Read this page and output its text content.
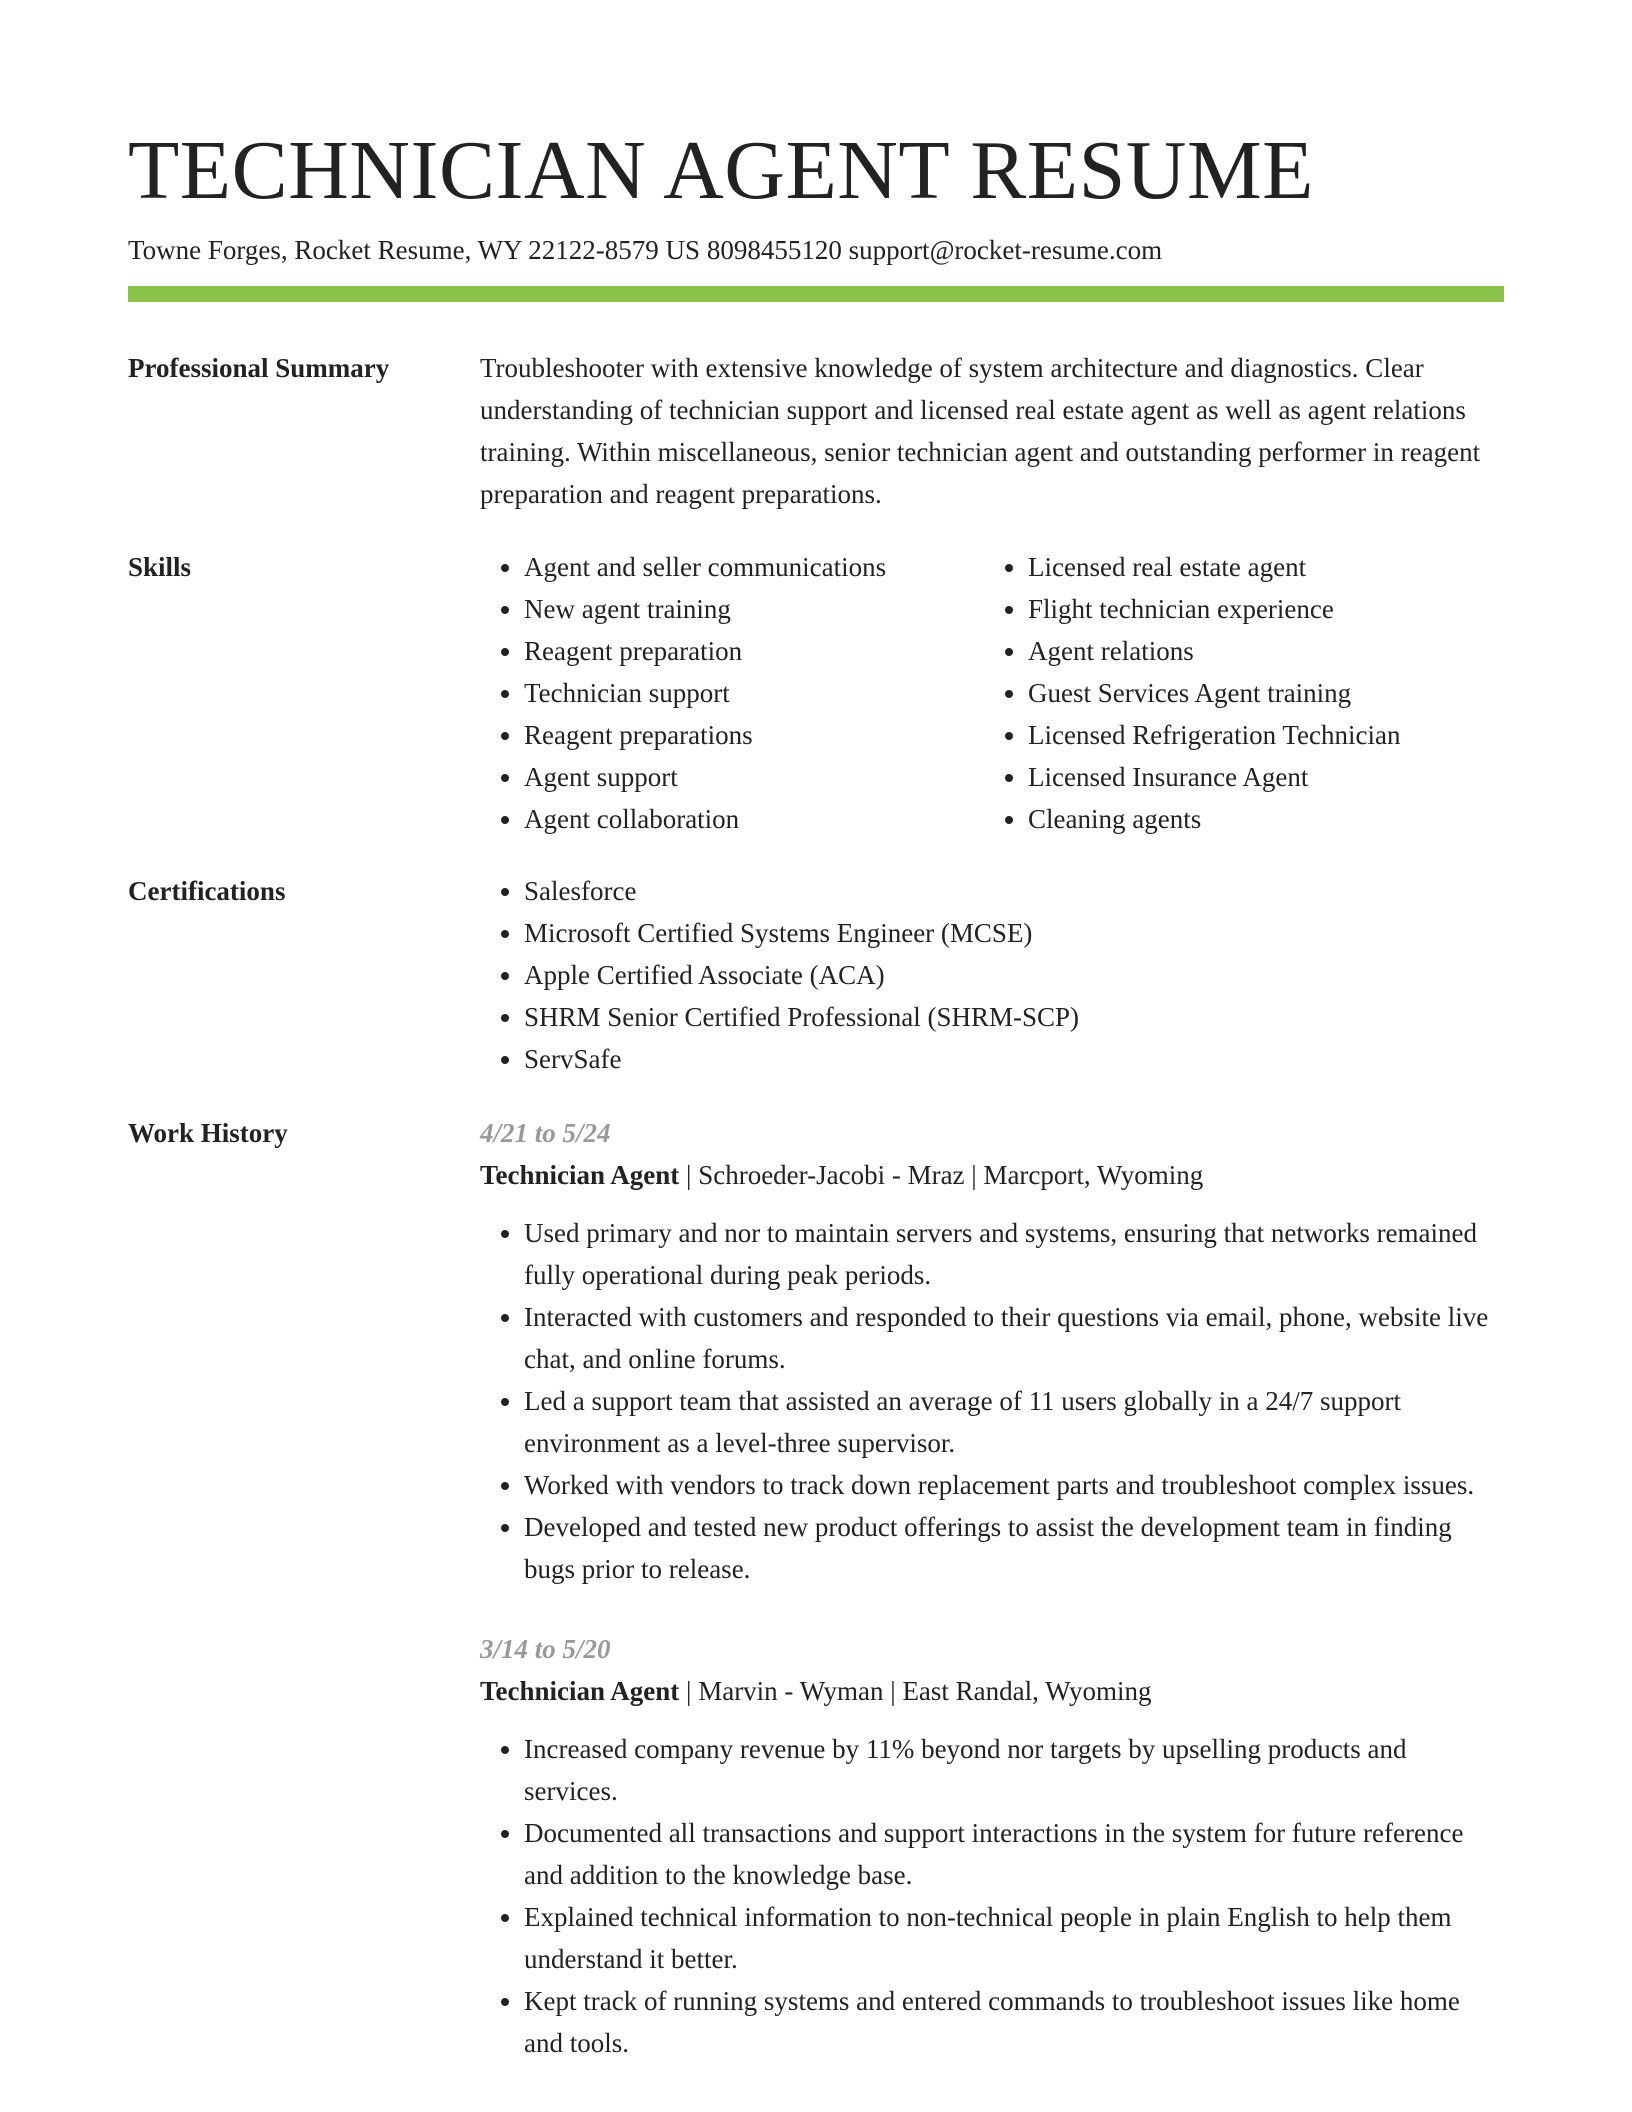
TECHNICIAN AGENT RESUME
Towne Forges, Rocket Resume, WY 22122-8579 US 8098455120 support@rocket-resume.com
Professional Summary	Troubleshooter with extensive knowledge of system architecture and diagnostics. Clear understanding of technician support and licensed real estate agent as well as agent relations training. Within miscellaneous, senior technician agent and outstanding performer in reagent preparation and reagent preparations.

Skills	• Agent and seller communications
• New agent training
• Reagent preparation
• Technician support
• Reagent preparations
• Agent support
• Agent collaboration
• Licensed real estate agent
• Flight technician experience
• Agent relations
• Guest Services Agent training
• Licensed Refrigeration Technician
• Licensed Insurance Agent
• Cleaning agents
Certifications	• Salesforce
• Microsoft Certified Systems Engineer (MCSE)
• Apple Certified Associate (ACA)
• SHRM Senior Certified Professional (SHRM-SCP)
• ServSafe
Work History	4/21 to 5/24
Technician Agent | Schroeder-Jacobi - Mraz | Marcport, Wyoming
• Used primary and nor to maintain servers and systems, ensuring that networks remained fully operational during peak periods.
• Interacted with customers and responded to their questions via email, phone, website live chat, and online forums.
• Led a support team that assisted an average of 11 users globally in a 24/7 support environment as a level-three supervisor.
• Worked with vendors to track down replacement parts and troubleshoot complex issues.
• Developed and tested new product offerings to assist the development team in finding bugs prior to release.
3/14 to 5/20
Technician Agent | Marvin - Wyman | East Randal, Wyoming
• Increased company revenue by 11% beyond nor targets by upselling products and services.
• Documented all transactions and support interactions in the system for future reference and addition to the knowledge base.
• Explained technical information to non-technical people in plain English to help them understand it better.
• Kept track of running systems and entered commands to troubleshoot issues like home and tools.
